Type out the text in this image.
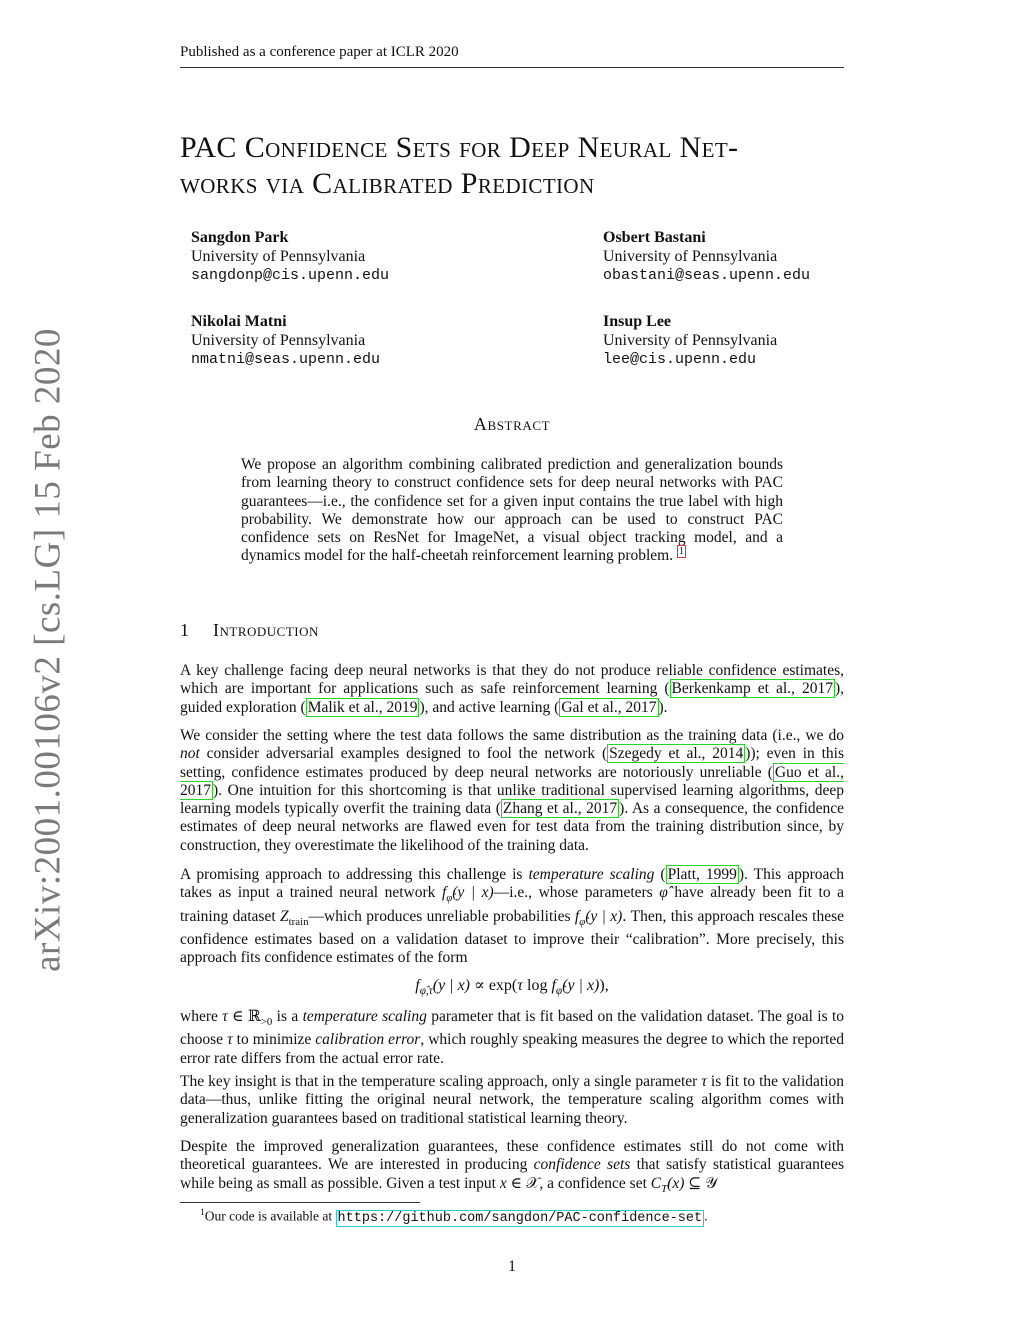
Published as a conference paper at ICLR 2020
arXiv:2001.00106v2 [cs.LG] 15 Feb 2020
PAC Confidence Sets for Deep Neural Net-
works via Calibrated Prediction
Sangdon Park
University of Pennsylvania
sangdonp@cis.upenn.edu
Osbert Bastani
University of Pennsylvania
obastani@seas.upenn.edu
Nikolai Matni
University of Pennsylvania
nmatni@seas.upenn.edu
Insup Lee
University of Pennsylvania
lee@cis.upenn.edu
Abstract
We propose an algorithm combining calibrated prediction and generalization bounds from learning theory to construct confidence sets for deep neural networks with PAC guarantees—i.e., the confidence set for a given input contains the true label with high probability. We demonstrate how our approach can be used to construct PAC confidence sets on ResNet for ImageNet, a visual object tracking model, and a dynamics model for the half-cheetah reinforcement learning problem. $^1$
1 Introduction

A key challenge facing deep neural networks is that they do not produce reliable confidence estimates, which are important for applications such as safe reinforcement learning ( Berkenkamp et al., 2017 ), guided exploration ( Malik et al., 2019 ), and active learning ( Gal et al., 2017 ).

We consider the setting where the test data follows the same distribution as the training data (i.e., we do not consider adversarial examples designed to fool the network ( Szegedy et al., 2014 )); even in this setting, confidence estimates produced by deep neural networks are notoriously unreliable ( Guo et al., 2017 ). One intuition for this shortcoming is that unlike traditional supervised learning algorithms, deep learning models typically overfit the training data ( Zhang et al., 2017 ). As a consequence, the confidence estimates of deep neural networks are flawed even for test data from the training distribution since, by construction, they overestimate the likelihood of the training data.

A promising approach to addressing this challenge is temperature scaling ( Platt, 1999 ). This approach takes as input a trained neural network $f_{\varphî}(y$ | x)—i.e., whose parameters φ̂ have already been fit to a training dataset $Z_{train}—which$ produces unreliable probabilities $f_{\varphî}(y$ | x). Then, this approach rescales these confidence estimates based on a validation dataset to improve their “calibration”. More precisely, this approach fits confidence estimates of the form

$f_{\varphî,\tau}(y$ | x) ∝ exp(τ $\log f_{\varphî}(y$ | x)),

where τ ∈ ℝ$_{>0}$ is a temperature scaling parameter that is fit based on the validation dataset. The goal is to choose τ to minimize calibration error, which roughly speaking measures the degree to which the reported error rate differs from the actual error rate.

The key insight is that in the temperature scaling approach, only a single parameter τ is fit to the validation data—thus, unlike fitting the original neural network, the temperature scaling algorithm comes with generalization guarantees based on traditional statistical learning theory.

Despite the improved generalization guarantees, these confidence estimates still do not come with theoretical guarantees. We are interested in producing confidence sets that satisfy statistical guarantees while being as small as possible. Given a test input x ∈ 𝒳, a confidence set $C_T(x)$ ⊆ 𝒴

$^1$Our code is available at https://github.com/sangdon/PAC-confidence-set .
1
